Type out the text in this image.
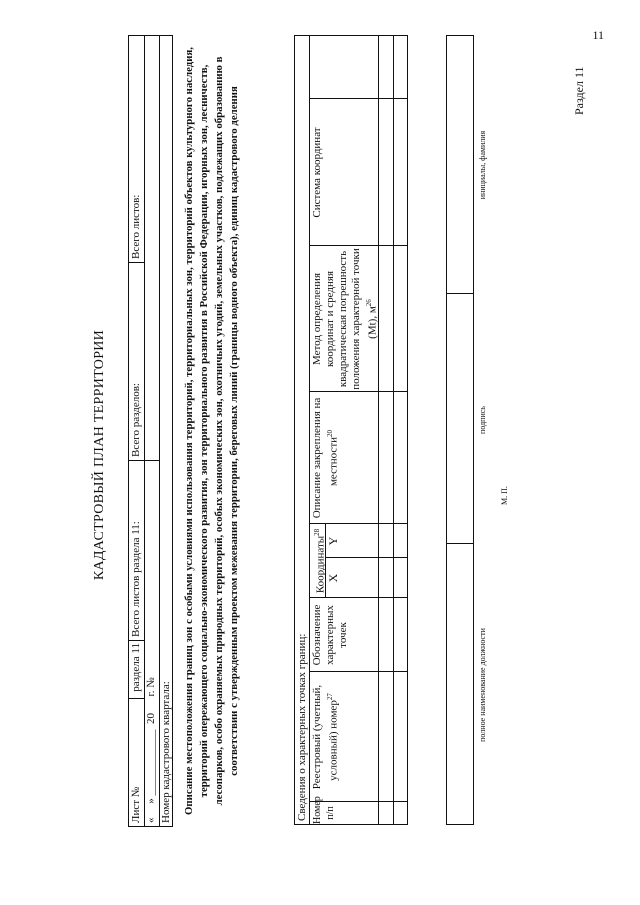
11
Раздел 11
КАДАСТРОВЫЙ ПЛАН ТЕРРИТОРИИ
Лист №
раздела 11
Всего листов раздела 11:
Всего разделов:
Всего листов:
«     » ____________  20      г. № Номер кадастрового квартала: Описание местоположения границ зон с особыми условиями использования территорий, территориальных зон, территорий объектов культурного наследия, территорий опережающего социально-экономического развития, зон территориального развития в Российской Федерации, игорных зон, лесничеств, лесопарков, особо охраняемых природных территорий, особых экономических зон, охотничьих угодий, земельных участков, подлежащих образованию в соответствии с утвержденным проектом межевания территории, береговых линий (границы водного объекта), единиц кадастрового деления	Сведения о характерных точках границ: Номер п/п
Реестровый (учетный, условный) номер$^{27}$
Обозначение характерных точек
Координаты$^{28}$
X
Y
Описание закрепления на местности$^{20}$
Метод определения координат и средняя квадратическая погрешность положения характерной точки (Mt), $м^{26}$
Система координат
полное наименование должности
подпись
инициалы, фамилия
М. П.
